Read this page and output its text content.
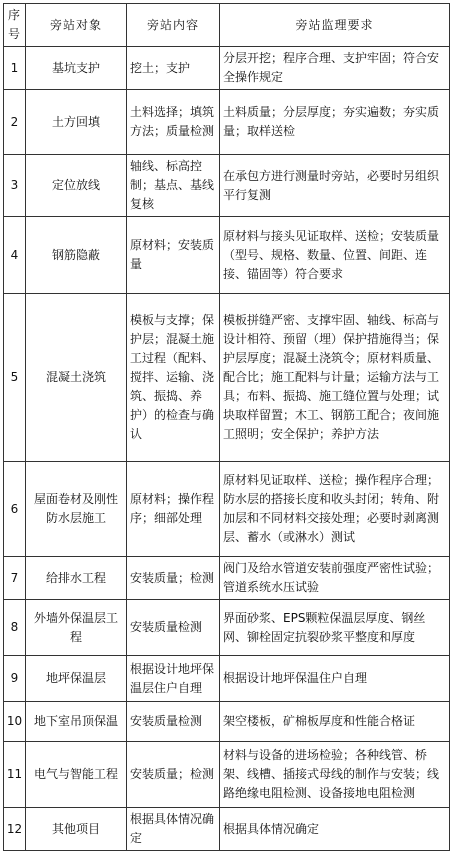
序号	旁站对象	旁站内容	旁站监理要求
1	基坑支护	挖土；支护	分层开挖；程序合理、支护牢固；符合安全操作规定
2	土方回填	土料选择；填筑方法；质量检测	土料质量；分层厚度；夯实遍数；夯实质量；取样送检
3	定位放线	轴线、标高控制；基点、基线复核	在承包方进行测量时旁站，必要时另组织平行复测
4	钢筋隐蔽	原材料；安装质量	原材料与接头见证取样、送检；安装质量（型号、规格、数量、位置、间距、连接、锚固等）符合要求
5	混凝土浇筑	模板与支撑；保护层；混凝土施工过程（配料、搅拌、运输、浇筑、振捣、养护）的检查与确认	模板拼缝严密、支撑牢固、轴线、标高与设计相符、预留（埋）保护措施得当；保护层厚度；混凝土浇筑令；原材料质量、配合比；施工配料与计量；运输方法与工具；布料、振捣、施工缝位置与处理；试块取样留置；木工、钢筋工配合；夜间施工照明；安全保护；养护方法
6	屋面卷材及刚性防水层施工	原材料；操作程序；细部处理	原材料见证取样、送检；操作程序合理；防水层的搭接长度和收头封闭；转角、附加层和不同材料交接处理；必要时剥离测层、蓄水（或淋水）测试
7	给排水工程	安装质量；检测	阀门及给水管道安装前强度严密性试验；管道系统水压试验
8	外墙外保温层工程	安装质量检测	界面砂浆、EPS颗粒保温层厚度、钢丝网、铆栓固定抗裂砂浆平整度和厚度
9	地坪保温层	根据设计地坪保温层住户自理	根据设计地坪保温住户自理
10	地下室吊顶保温	安装质量检测	架空楼板，矿棉板厚度和性能合格证
11	电气与智能工程	安装质量；检测	材料与设备的进场检验；各种线管、桥架、线槽、插接式母线的制作与安装；线路绝缘电阻检测、设备接地电阻检测
12	其他项目	根据具体情况确定	根据具体情况确定
